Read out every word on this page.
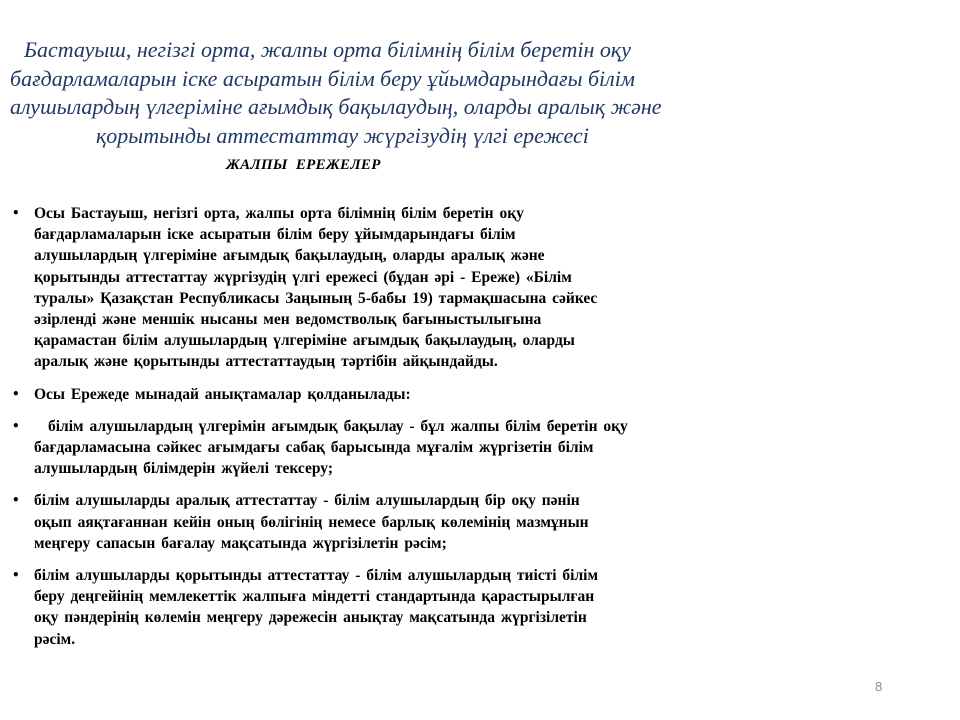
Бастауыш, негізгі орта, жалпы орта білімнің білім беретін оқу
бағдарламаларын іске асыратын білім беру ұйымдарындағы білім
алушылардың үлгеріміне ағымдық бақылаудың, оларды аралық және
қорытынды аттестаттау жүргізудің үлгі ережесі
ЖАЛПЫ  ЕРЕЖЕЛЕР
• Осы Бастауыш, негізгі орта, жалпы орта білімнің білім беретін оқу
бағдарламаларын іске асыратын білім беру ұйымдарындағы білім
алушылардың үлгеріміне ағымдық бақылаудың, оларды аралық және
қорытынды аттестаттау жүргізудің үлгі ережесі (бұдан әрі - Ереже) «Білім
туралы» Қазақстан Республикасы Заңының 5-бабы 19) тармақшасына сәйкес
әзірленді және меншік нысаны мен ведомстволық бағыныстылығына
қарамастан білім алушылардың үлгеріміне ағымдық бақылаудың, оларды
аралық және қорытынды аттестаттаудың тәртібін айқындайды.
• Осы Ережеде мынадай анықтамалар қолданылады:
•	білім алушылардың үлгерімін ағымдық бақылау - бұл жалпы білім беретін оқу
бағдарламасына сәйкес ағымдағы сабақ барысында мұғалім жүргізетін білім
алушылардың білімдерін жүйелі тексеру;
• білім алушыларды аралық аттестаттау - білім алушылардың бір оқу пәнін
оқып аяқтағаннан кейін оның бөлігінің немесе барлық көлемінің мазмұнын
меңгеру сапасын бағалау мақсатында жүргізілетін рәсім;
• білім алушыларды қорытынды аттестаттау - білім алушылардың тиісті білім
беру деңгейінің мемлекеттік жалпыға міндетті стандартында қарастырылған
оқу пәндерінің көлемін меңгеру дәрежесін анықтау мақсатында жүргізілетін
рәсім.
8
